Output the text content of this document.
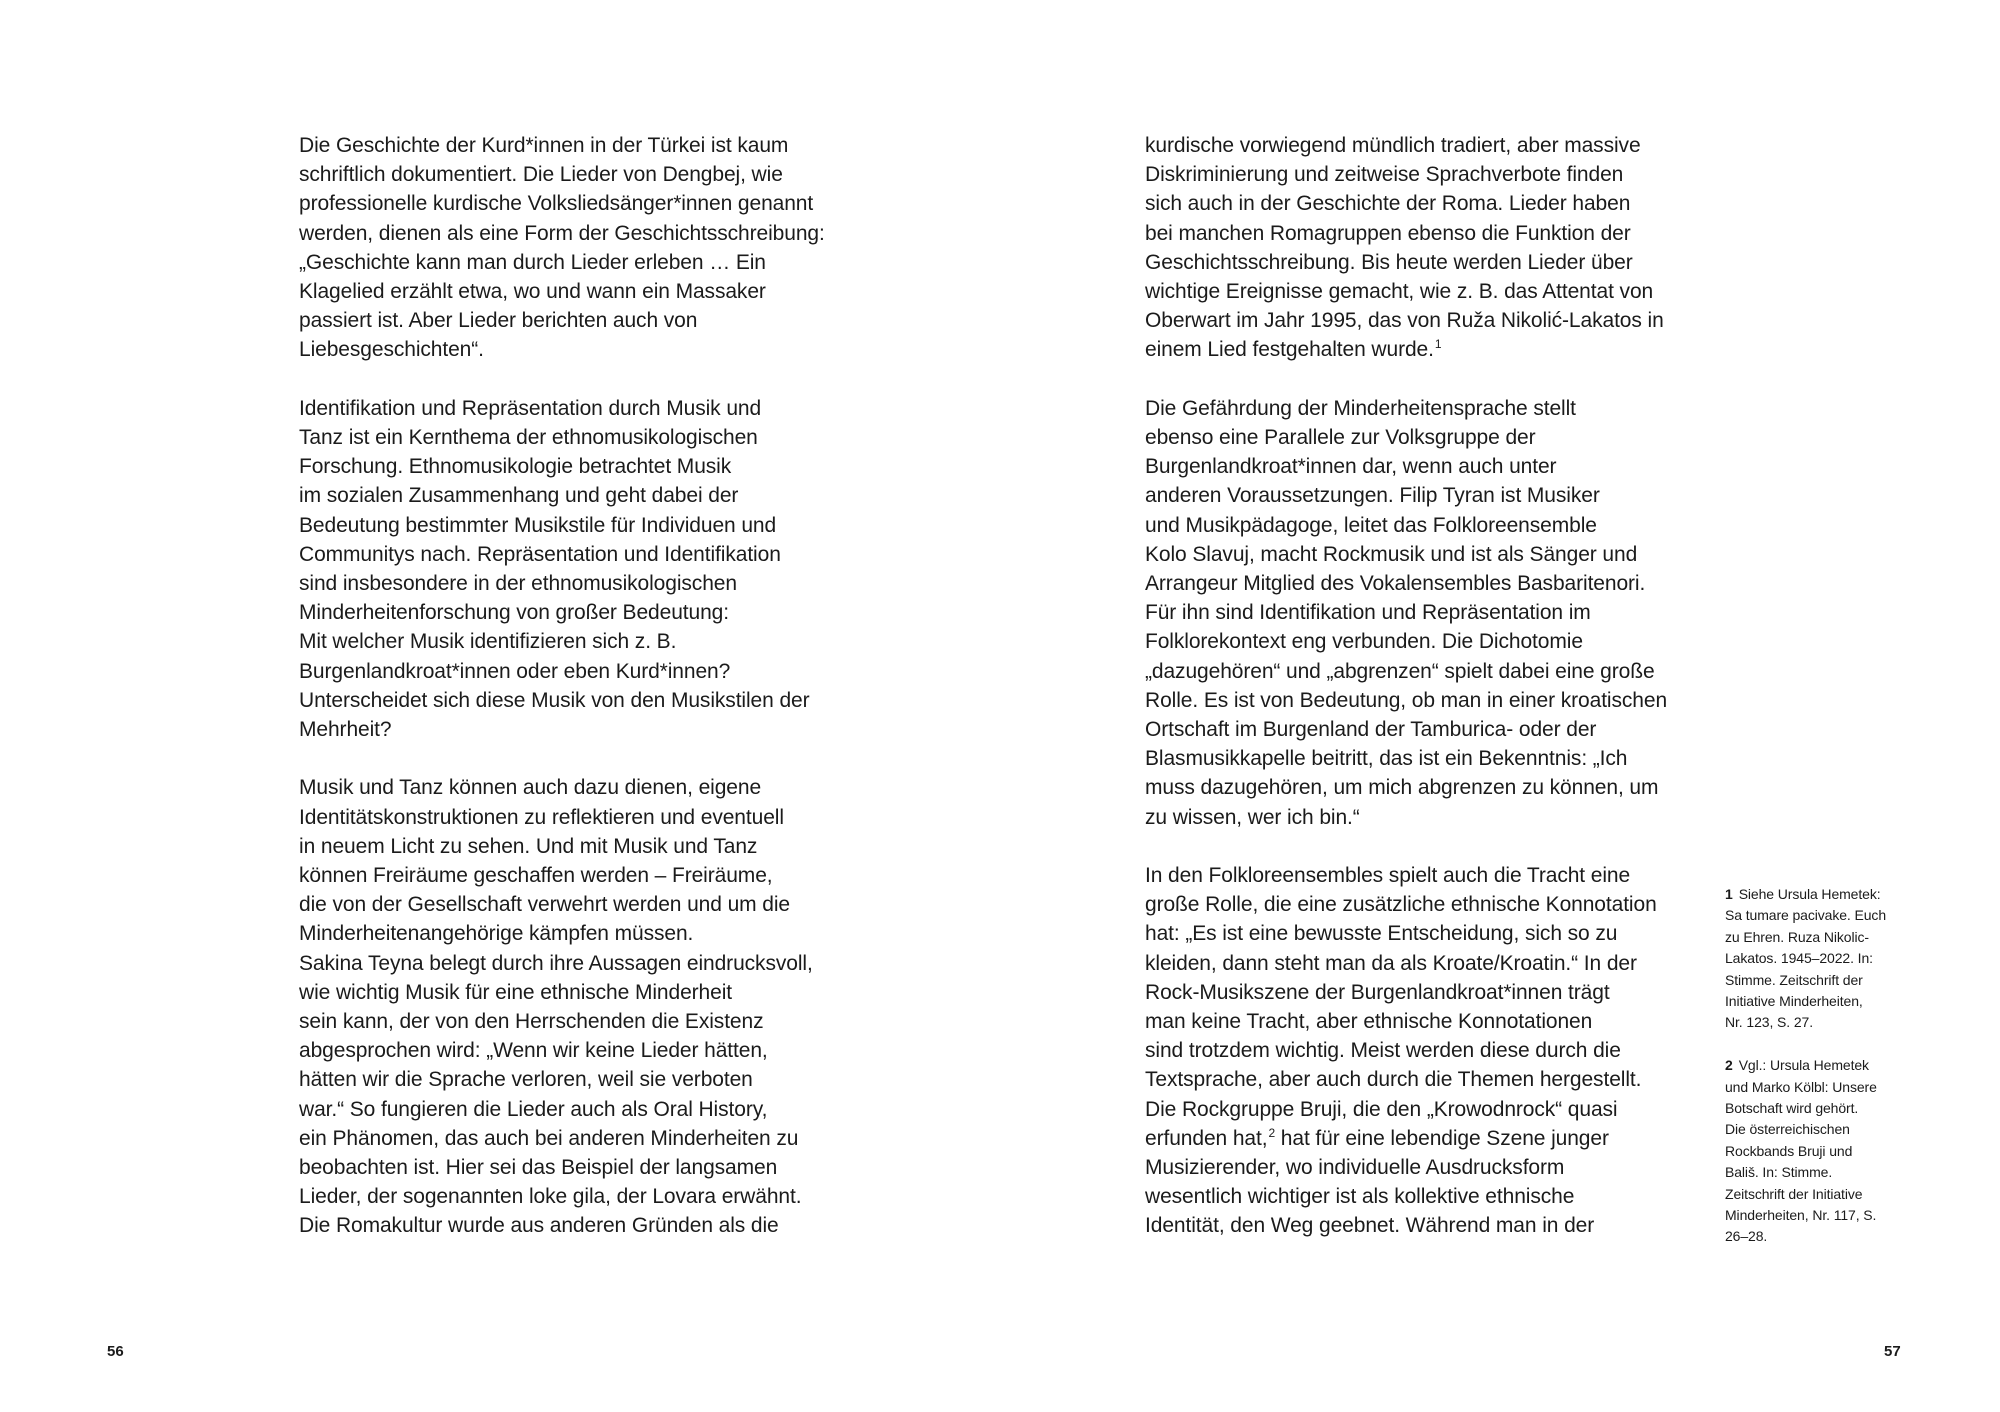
Die Geschichte der Kurd*innen in der Türkei ist kaum
schriftlich dokumentiert. Die Lieder von Dengbej, wie
professionelle kurdische Volksliedsänger*innen genannt
werden, dienen als eine Form der Geschichtsschreibung:
„Geschichte kann man durch Lieder erleben … Ein
Klagelied erzählt etwa, wo und wann ein Massaker
passiert ist. Aber Lieder berichten auch von
Liebesgeschichten“.

Identifikation und Repräsentation durch Musik und
Tanz ist ein Kernthema der ethnomusikologischen
Forschung. Ethnomusikologie betrachtet Musik
im sozialen Zusammenhang und geht dabei der
Bedeutung bestimmter Musikstile für Individuen und
Communitys nach. Repräsentation und Identifikation
sind insbesondere in der ethnomusikologischen
Minderheitenforschung von großer Bedeutung:
Mit welcher Musik identifizieren sich z. B.
Burgenlandkroat*innen oder eben Kurd*innen?
Unterscheidet sich diese Musik von den Musikstilen der
Mehrheit?

Musik und Tanz können auch dazu dienen, eigene
Identitätskonstruktionen zu reflektieren und eventuell
in neuem Licht zu sehen. Und mit Musik und Tanz
können Freiräume geschaffen werden – Freiräume,
die von der Gesellschaft verwehrt werden und um die
Minderheitenangehörige kämpfen müssen.
Sakina Teyna belegt durch ihre Aussagen eindrucksvoll,
wie wichtig Musik für eine ethnische Minderheit
sein kann, der von den Herrschenden die Existenz
abgesprochen wird: „Wenn wir keine Lieder hätten,
hätten wir die Sprache verloren, weil sie verboten
war.“ So fungieren die Lieder auch als Oral History,
ein Phänomen, das auch bei anderen Minderheiten zu
beobachten ist. Hier sei das Beispiel der langsamen
Lieder, der sogenannten loke gila, der Lovara erwähnt.
Die Romakultur wurde aus anderen Gründen als die

56

kurdische vorwiegend mündlich tradiert, aber massive
Diskriminierung und zeitweise Sprachverbote finden
sich auch in der Geschichte der Roma. Lieder haben
bei manchen Romagruppen ebenso die Funktion der
Geschichtsschreibung. Bis heute werden Lieder über
wichtige Ereignisse gemacht, wie z. B. das Attentat von
Oberwart im Jahr 1995, das von Ruža Nikolić-Lakatos in
einem Lied festgehalten wurde.$^1$

Die Gefährdung der Minderheitensprache stellt
ebenso eine Parallele zur Volksgruppe der
Burgenlandkroat*innen dar, wenn auch unter
anderen Voraussetzungen. Filip Tyran ist Musiker
und Musikpädagoge, leitet das Folkloreensemble
Kolo Slavuj, macht Rockmusik und ist als Sänger und
Arrangeur Mitglied des Vokalensembles Basbaritenori.
Für ihn sind Identifikation und Repräsentation im
Folklorekontext eng verbunden. Die Dichotomie
„dazugehören“ und „abgrenzen“ spielt dabei eine große
Rolle. Es ist von Bedeutung, ob man in einer kroatischen
Ortschaft im Burgenland der Tamburica- oder der
Blasmusikkapelle beitritt, das ist ein Bekenntnis: „Ich
muss dazugehören, um mich abgrenzen zu können, um
zu wissen, wer ich bin.“

In den Folkloreensembles spielt auch die Tracht eine
große Rolle, die eine zusätzliche ethnische Konnotation
hat: „Es ist eine bewusste Entscheidung, sich so zu
kleiden, dann steht man da als Kroate/Kroatin.“ In der
Rock-Musikszene der Burgenlandkroat*innen trägt
man keine Tracht, aber ethnische Konnotationen
sind trotzdem wichtig. Meist werden diese durch die
Textsprache, aber auch durch die Themen hergestellt.
Die Rockgruppe Bruji, die den „Krowodnrock“ quasi
erfunden hat,$^2$ hat für eine lebendige Szene junger
Musizierender, wo individuelle Ausdrucksform
wesentlich wichtiger ist als kollektive ethnische
Identität, den Weg geebnet. Während man in der

1 Siehe Ursula Hemetek:
Sa tumare pacivake. Euch
zu Ehren. Ruza Nikolic-
Lakatos. 1945–2022. In:
Stimme. Zeitschrift der
Initiative Minderheiten,
Nr. 123, S. 27.
2 Vgl.: Ursula Hemetek
und Marko Kölbl: Unsere
Botschaft wird gehört.
Die österreichischen
Rockbands Bruji und
Bališ. In: Stimme.
Zeitschrift der Initiative
Minderheiten, Nr. 117, S.
26–28.
57
